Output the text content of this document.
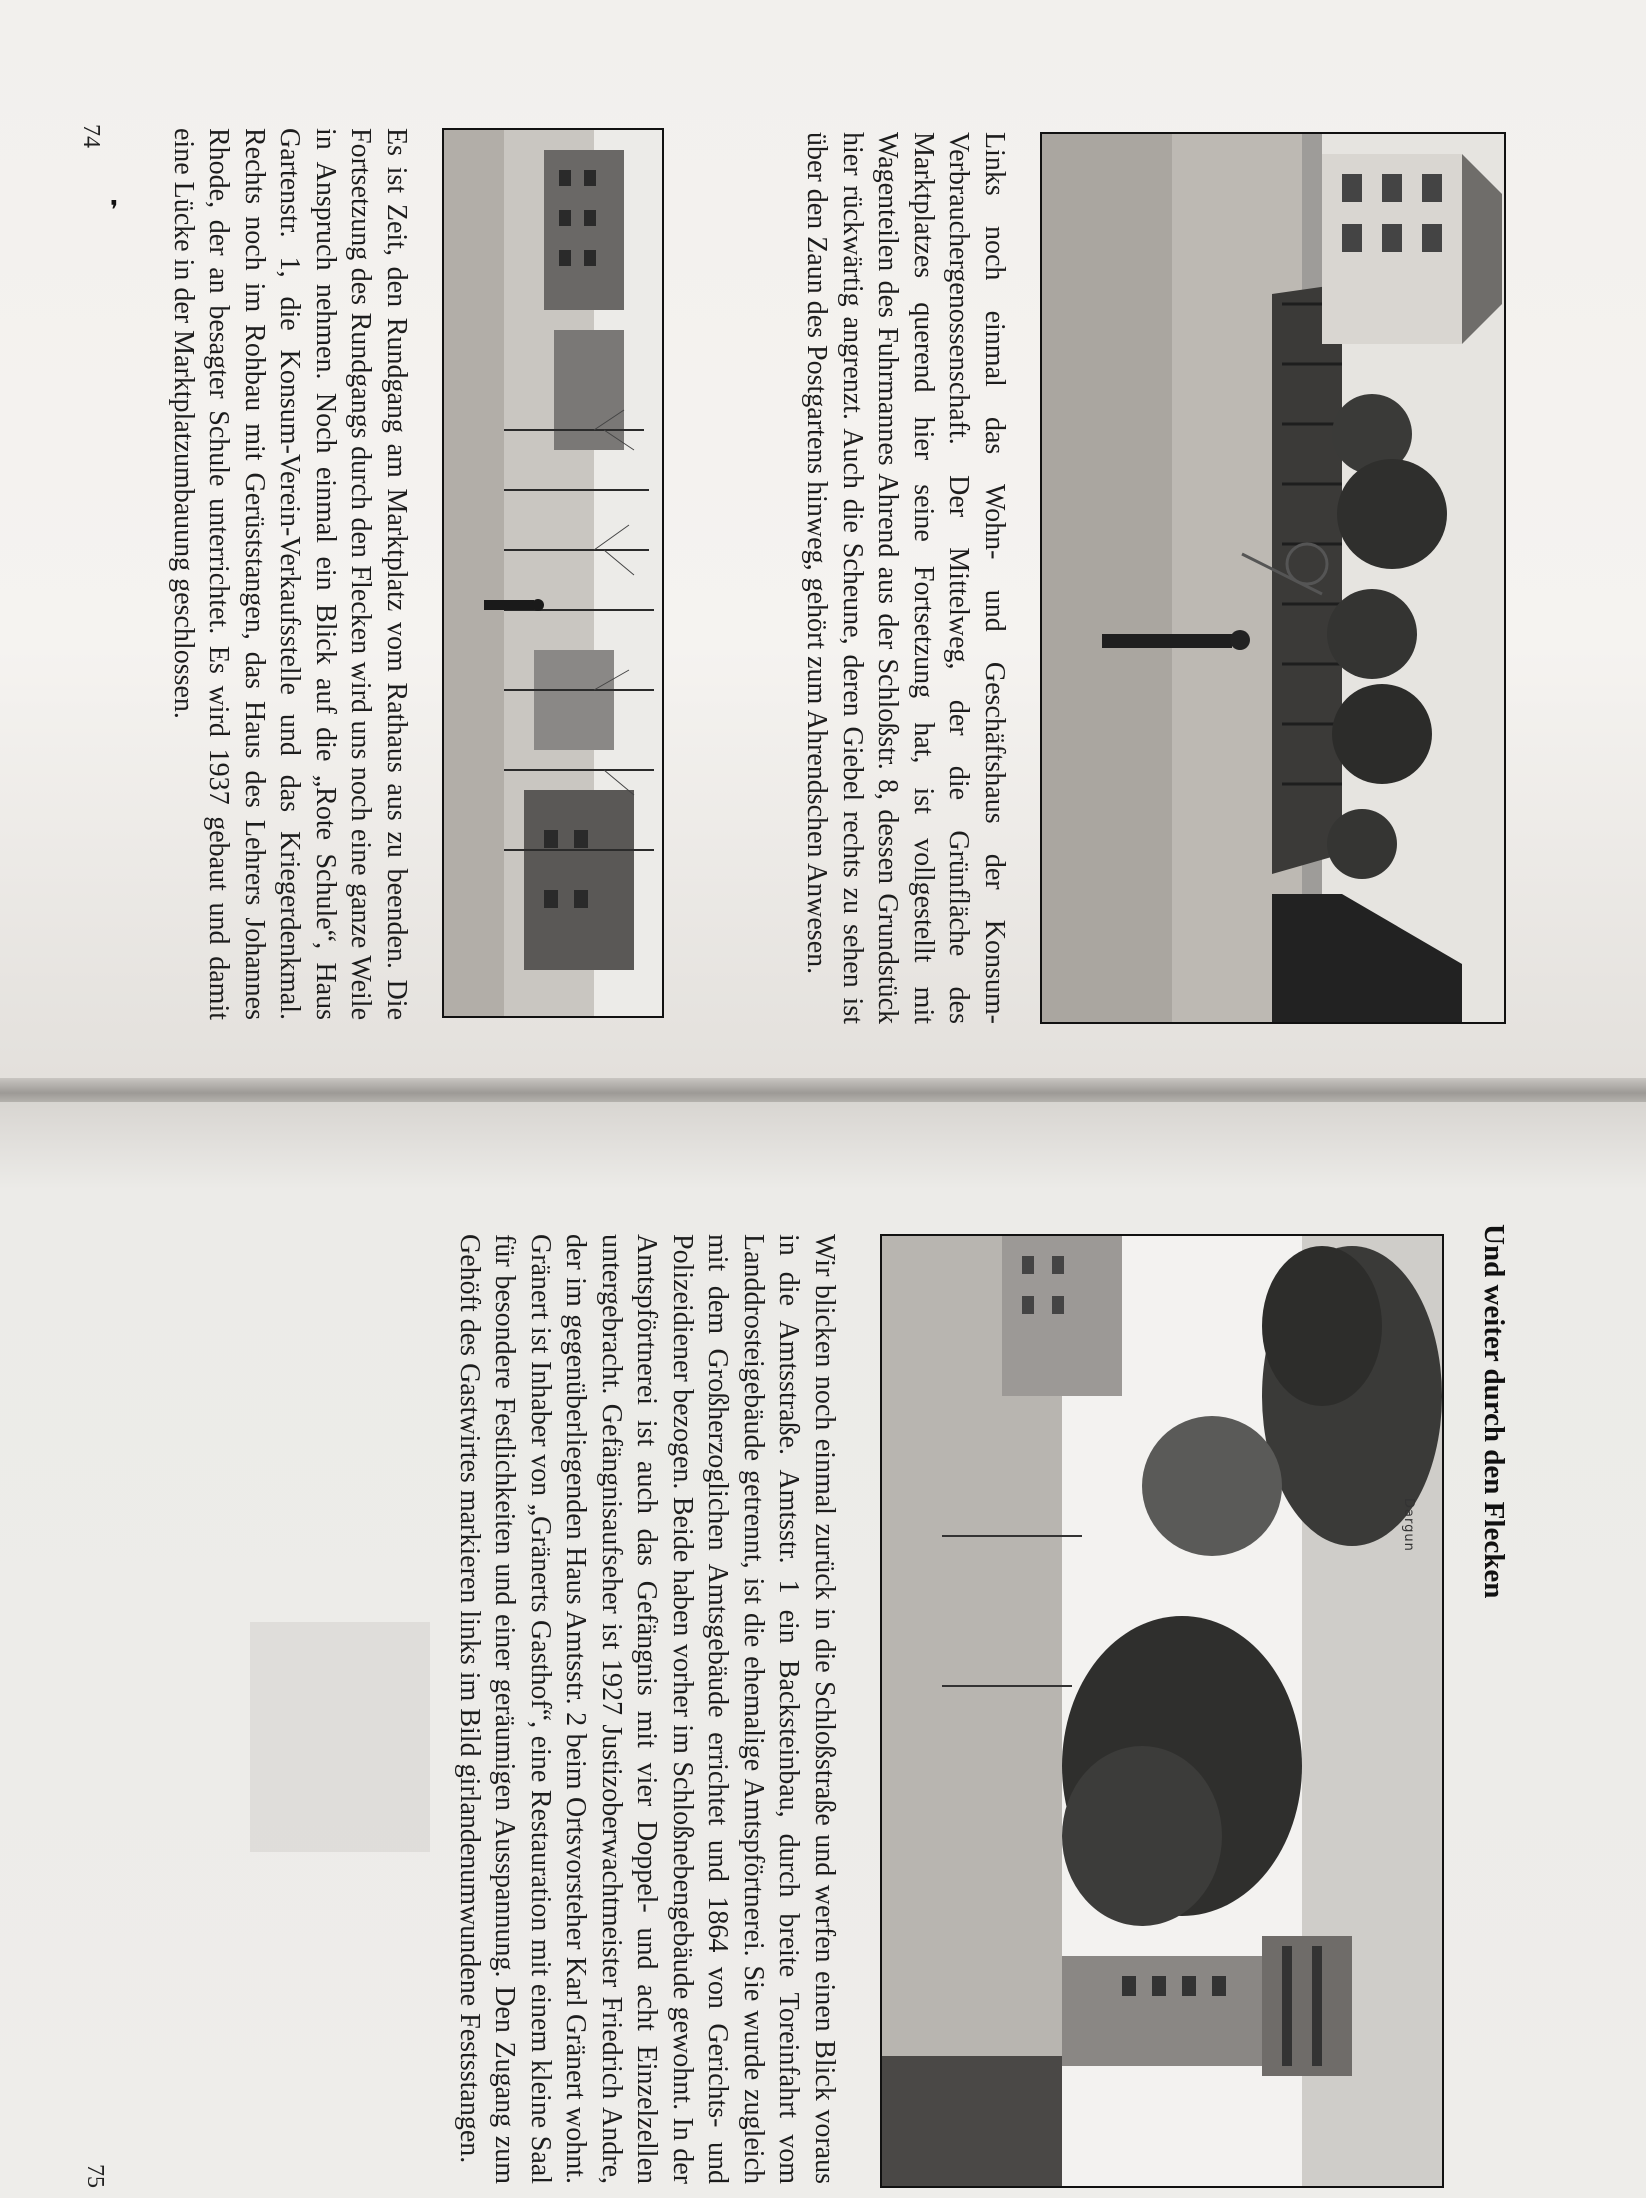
Links noch einmal das Wohn- und Geschäftshaus der Konsum-Verbrauchergenossenschaft. Der Mittelweg, der die Grünfläche des Marktplatzes querend hier seine Fortsetzung hat, ist vollgestellt mit Wagenteilen des Fuhrmannes Ahrend aus der Schloßstr. 8, dessen Grundstück hier rückwärtig angrenzt. Auch die Scheune, deren Giebel rechts zu sehen ist über den Zaun des Postgartens hinweg, gehört zum Ahrendschen Anwesen.

Es ist Zeit, den Rundgang am Marktplatz vom Rathaus aus zu beenden. Die Fortsetzung des Rundgangs durch den Flecken wird uns noch eine ganze Weile in Anspruch nehmen. Noch einmal ein Blick auf die „Rote Schule“, Haus Gartenstr. 1, die Konsum-Verein-Verkaufsstelle und das Kriegerdenkmal. Rechts noch im Rohbau mit Gerüststangen, das Haus des Lehrers Johannes Rhode, der an besagter Schule unterrichtet. Es wird 1937 gebaut und damit eine Lücke in der Marktplatzumbauung geschlossen.

74
❜
Und weiter durch den Flecken
Dargun

Wir blicken noch einmal zurück in die Schloßstraße und werfen einen Blick voraus in die Amtsstraße. Amtsstr. 1 ein Backsteinbau, durch breite Toreinfahrt vom Landdrosteigebäude getrennt, ist die ehemalige Amtspförtnerei. Sie wurde zugleich mit dem Großherzoglichen Amtsgebäude errichtet und 1864 von Gerichts- und Polizeidiener bezogen. Beide haben vorher im Schloßnebengebäude gewohnt. In der Amtspförtnerei ist auch das Gefängnis mit vier Doppel- und acht Einzelzellen untergebracht. Gefängnisaufseher ist 1927 Justizoberwachtmeister Friedrich Andre, der im gegenüberliegenden Haus Amtsstr. 2 beim Ortsvorsteher Karl Gränert wohnt. Gränert ist Inhaber von „Gränerts Gasthof“, eine Restauration mit einem kleine Saal für besondere Festlichkeiten und einer geräumigen Ausspannung. Den Zugang zum Gehöft des Gastwirtes markieren links im Bild girlandenumwundene Festsstangen.

75
